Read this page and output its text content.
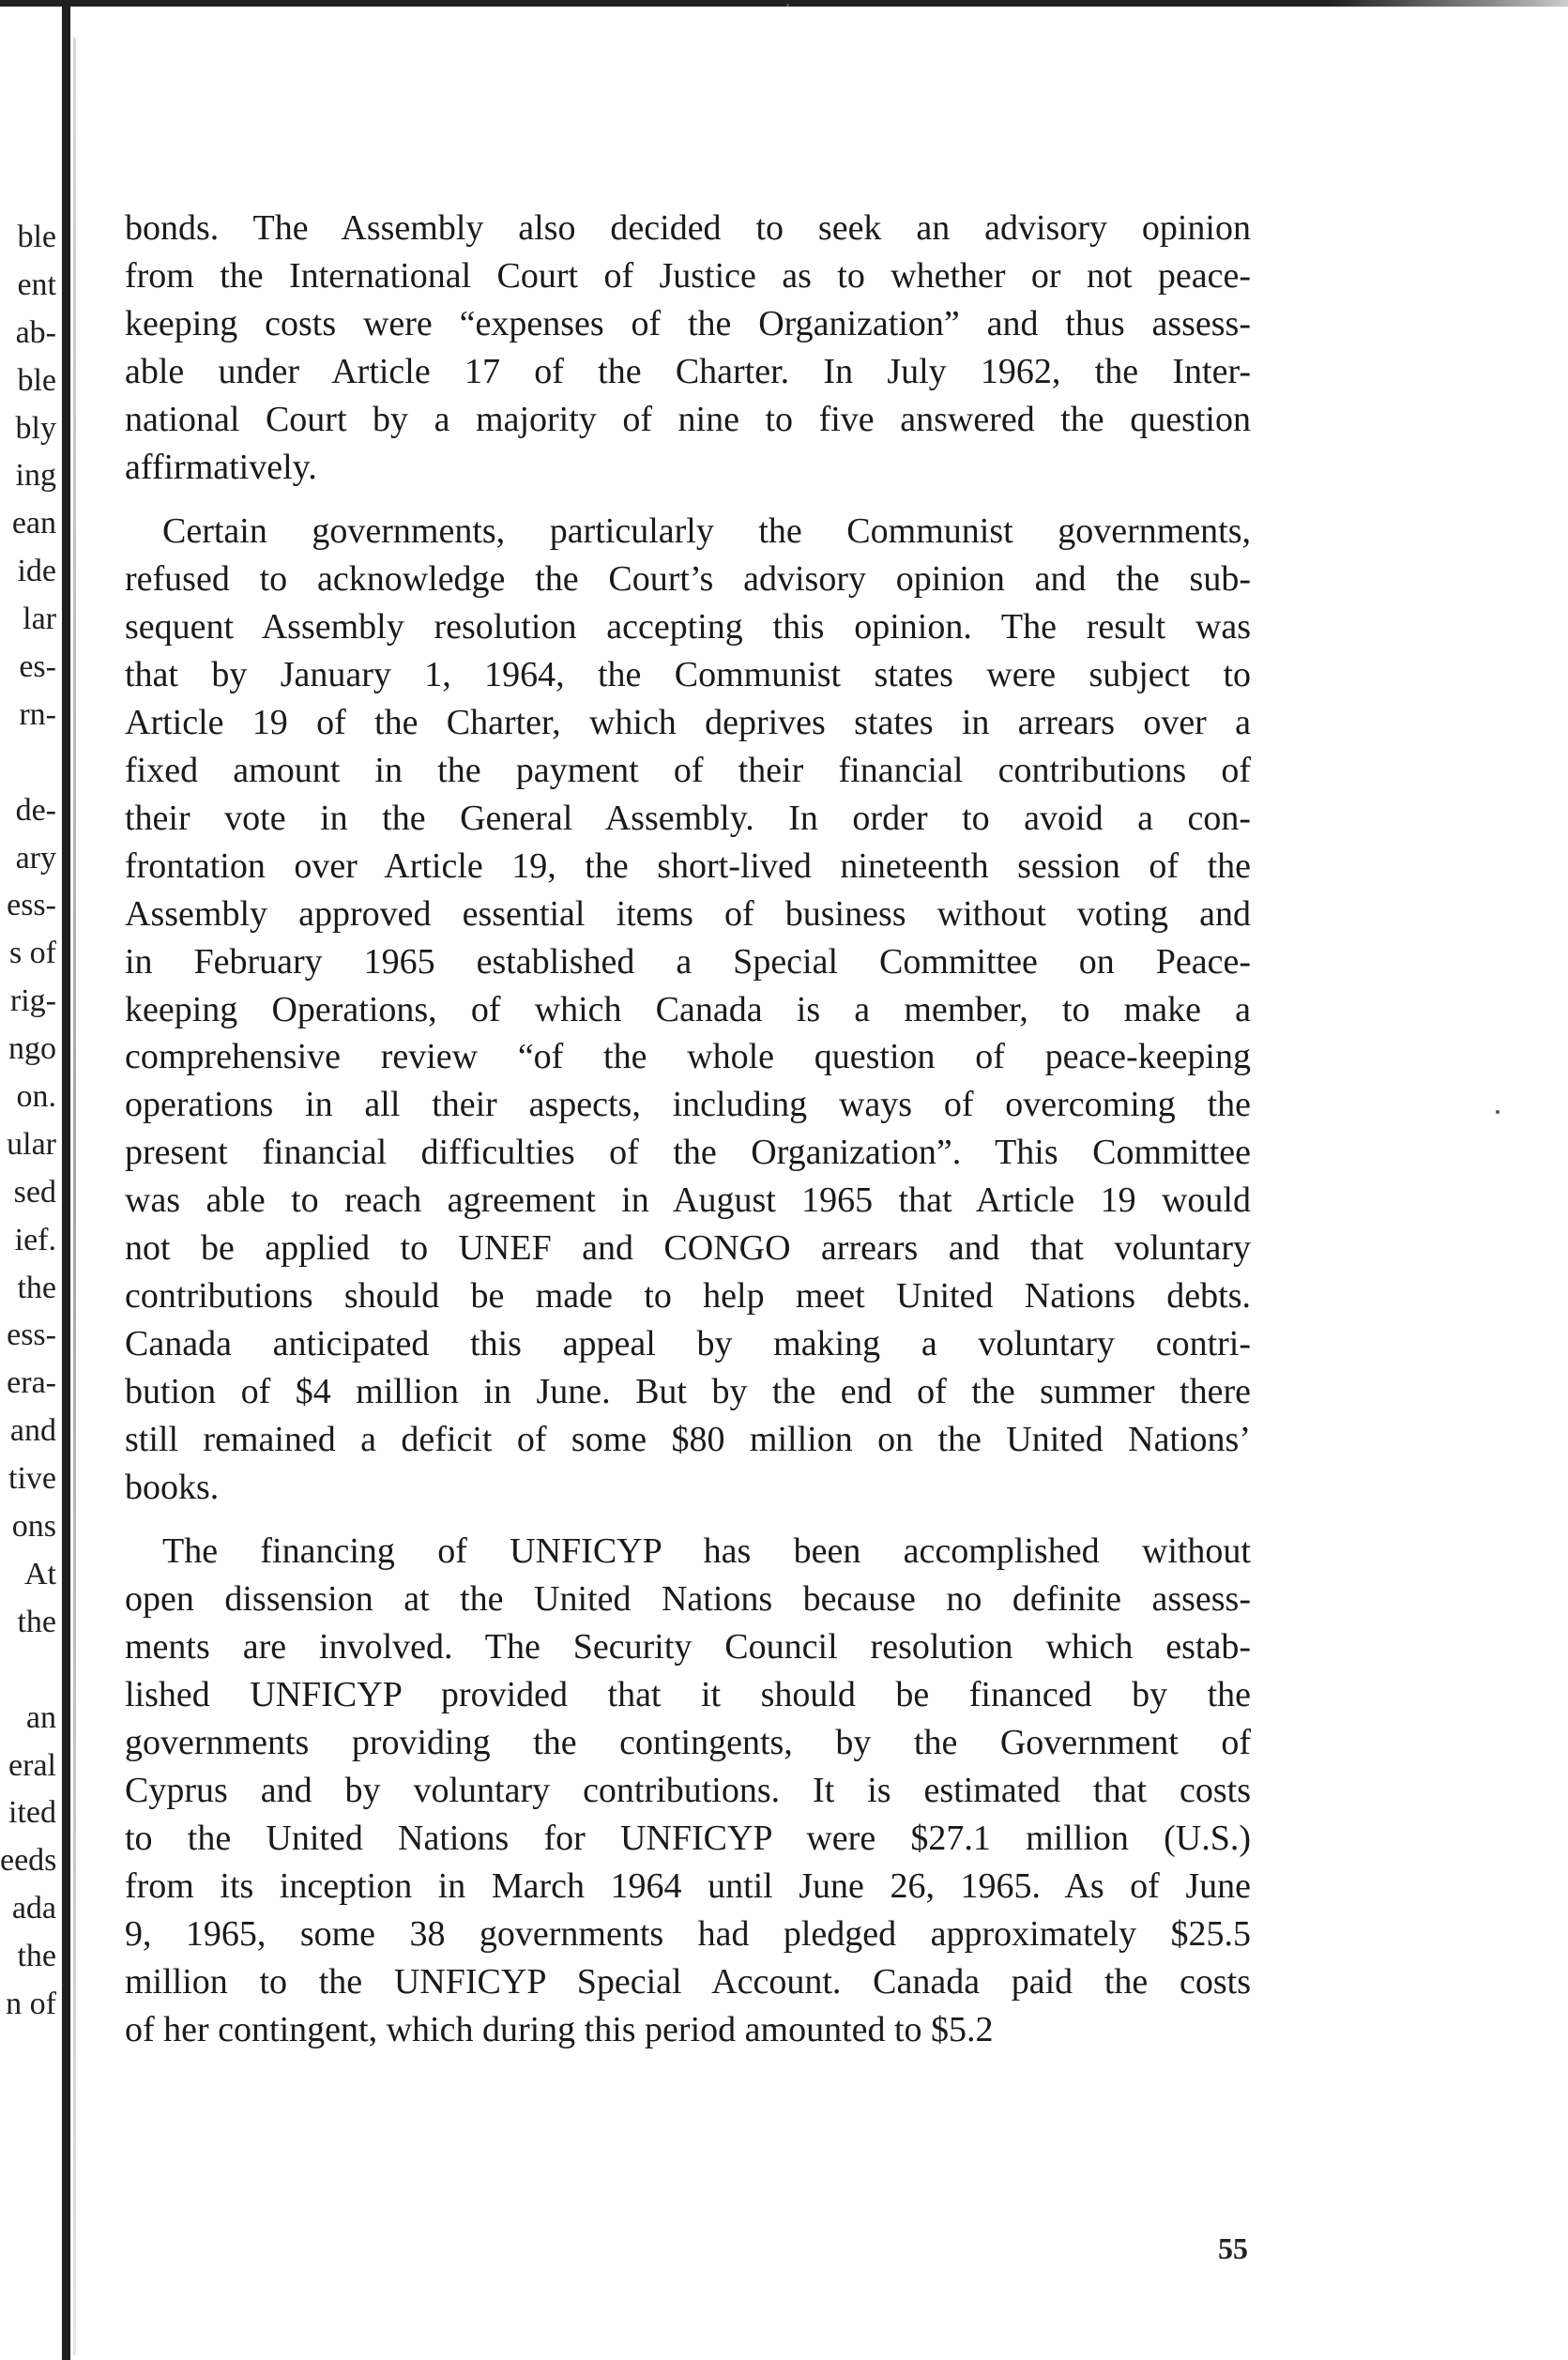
ble
ent
ab-
ble
bly
ing
ean
ide
lar
es-
rn-
de-
ary
ess-
s of
rig-
ngo
on.
ular
sed
ief.
the
ess-
era-
and
tive
ons
At
the
an
eral
ited
eeds
ada
the
n of
bonds. The Assembly also decided to seek an advisory opinion
from the International Court of Justice as to whether or not peace-
keeping costs were “expenses of the Organization” and thus assess-
able under Article 17 of the Charter. In July 1962, the Inter-
national Court by a majority of nine to five answered the question
affirmatively.
Certain governments, particularly the Communist governments,
refused to acknowledge the Court’s advisory opinion and the sub-
sequent Assembly resolution accepting this opinion. The result was
that by January 1, 1964, the Communist states were subject to
Article 19 of the Charter, which deprives states in arrears over a
fixed amount in the payment of their financial contributions of
their vote in the General Assembly. In order to avoid a con-
frontation over Article 19, the short-lived nineteenth session of the
Assembly approved essential items of business without voting and
in February 1965 established a Special Committee on Peace-
keeping Operations, of which Canada is a member, to make a
comprehensive review “of the whole question of peace-keeping
operations in all their aspects, including ways of overcoming the
present financial difficulties of the Organization”. This Committee
was able to reach agreement in August 1965 that Article 19 would
not be applied to UNEF and CONGO arrears and that voluntary
contributions should be made to help meet United Nations debts.
Canada anticipated this appeal by making a voluntary contri-
bution of $4 million in June. But by the end of the summer there
still remained a deficit of some $80 million on the United Nations’
books.
The financing of UNFICYP has been accomplished without
open dissension at the United Nations because no definite assess-
ments are involved. The Security Council resolution which estab-
lished UNFICYP provided that it should be financed by the
governments providing the contingents, by the Government of
Cyprus and by voluntary contributions. It is estimated that costs
to the United Nations for UNFICYP were $27.1 million (U.S.)
from its inception in March 1964 until June 26, 1965. As of June
9, 1965, some 38 governments had pledged approximately $25.5
million to the UNFICYP Special Account. Canada paid the costs
of her contingent, which during this period amounted to $5.2
55
